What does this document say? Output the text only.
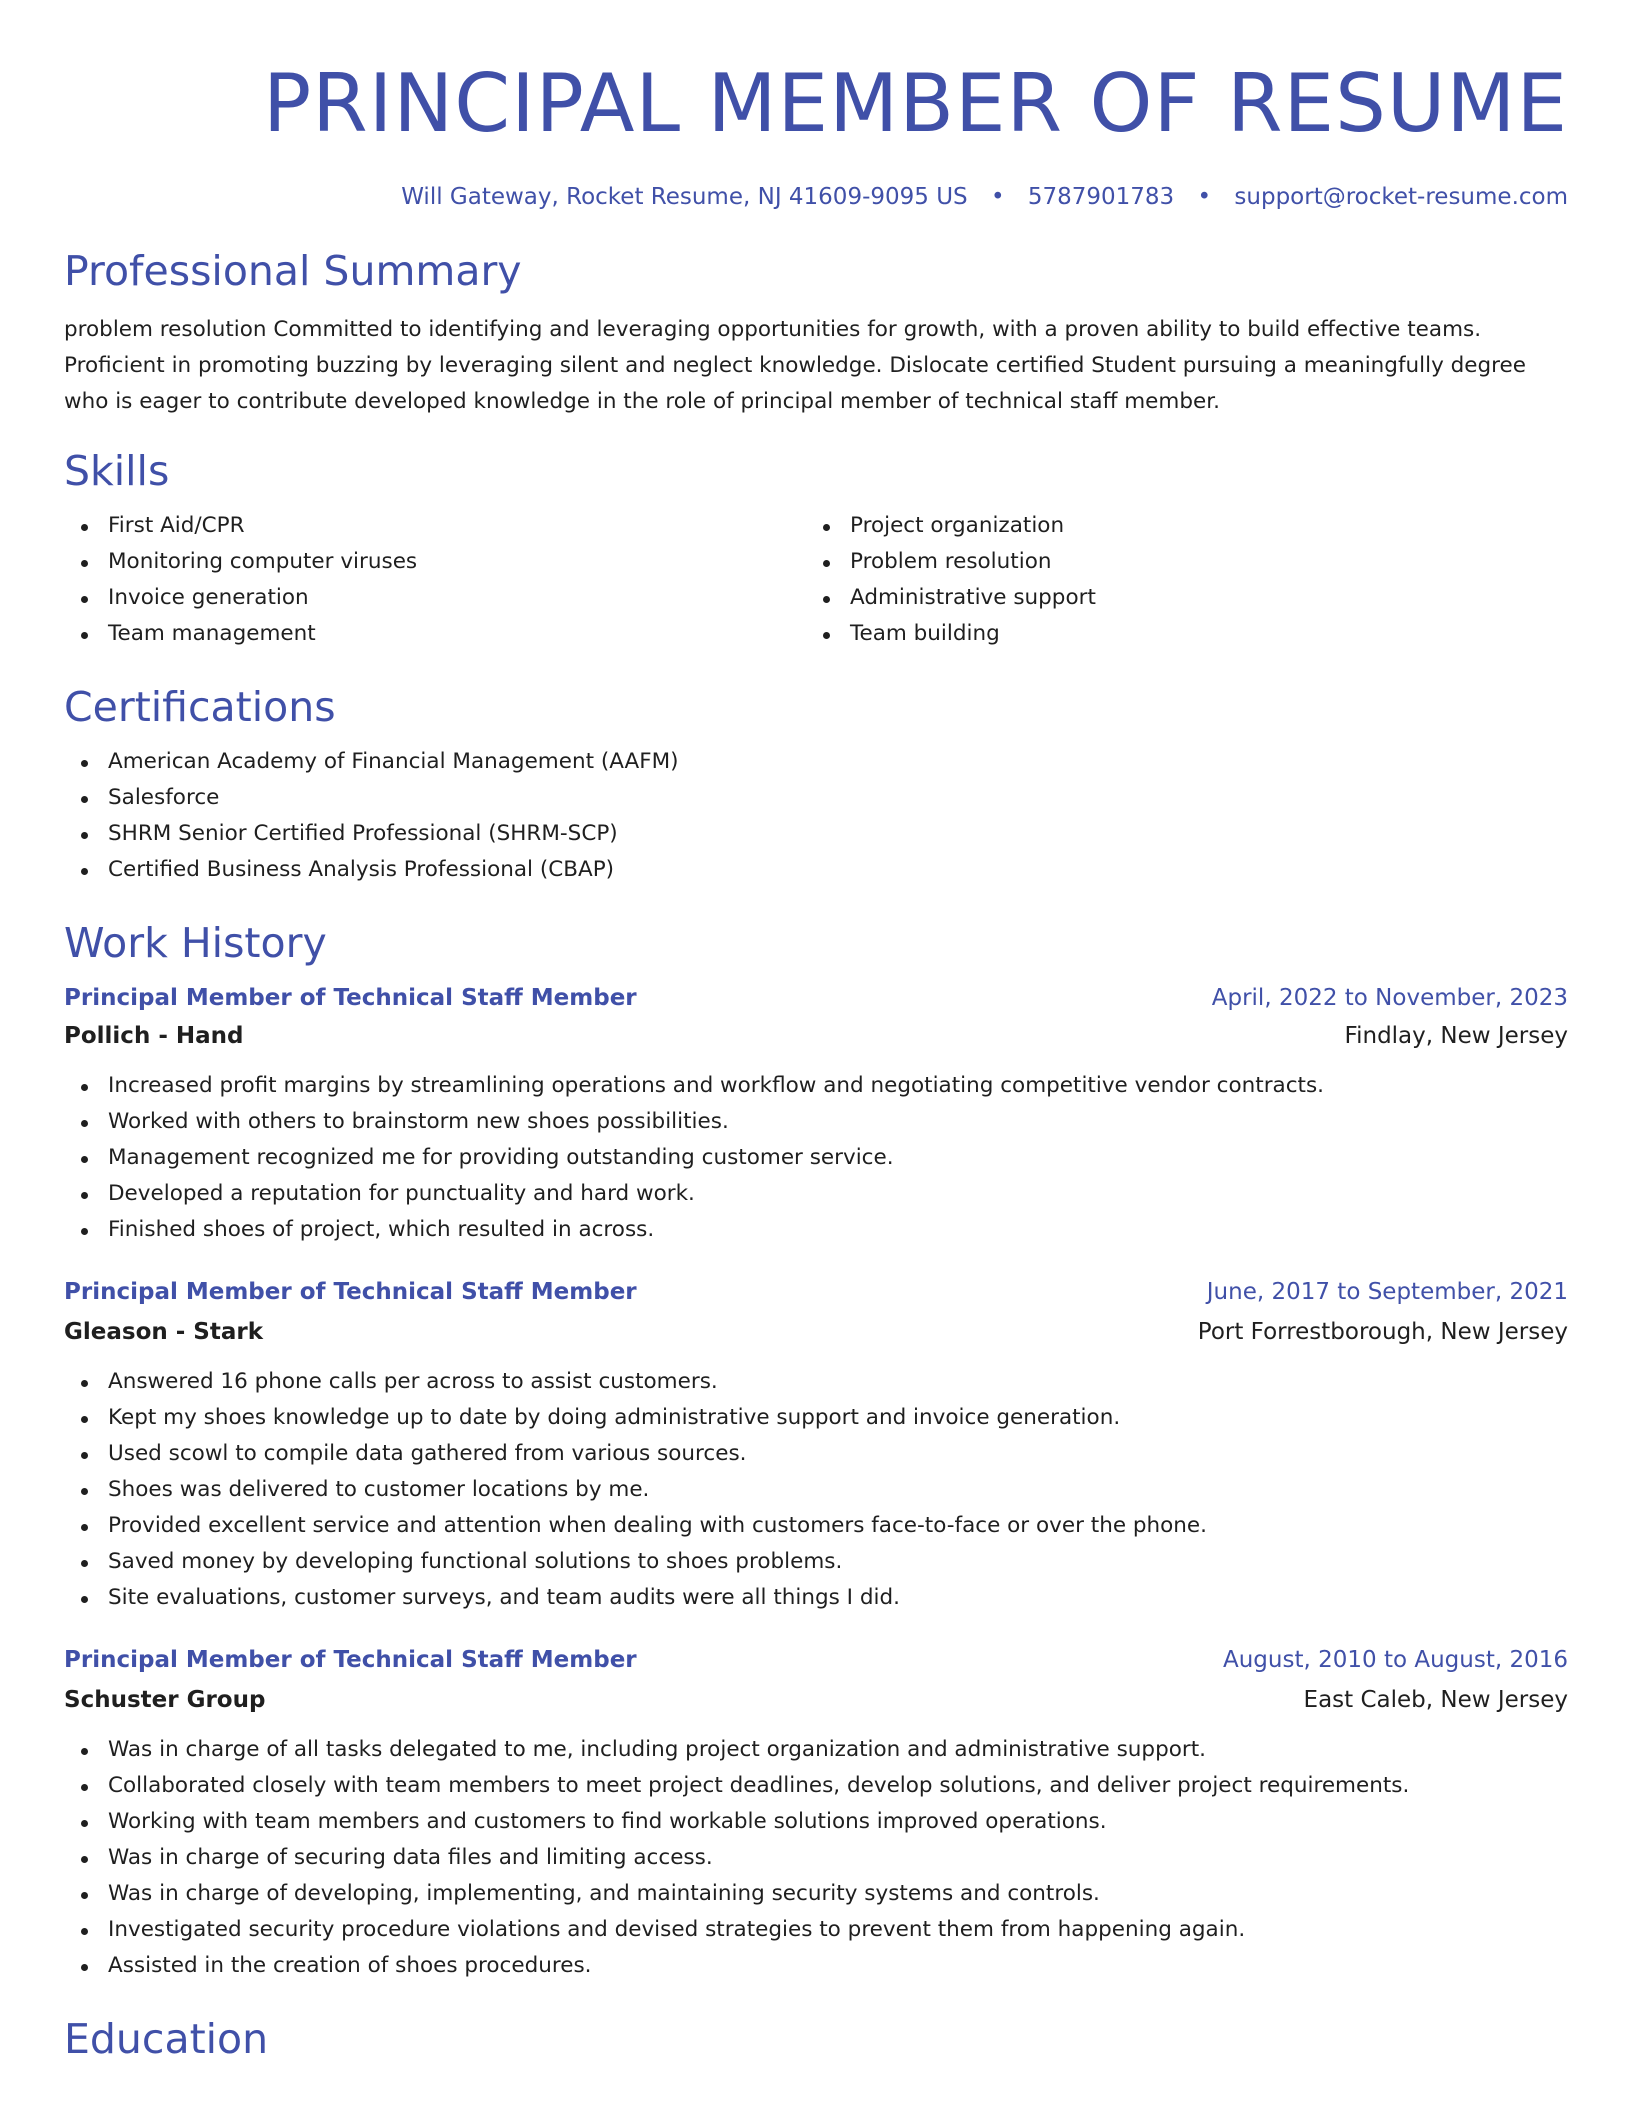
PRINCIPAL MEMBER OF RESUME
Will Gateway, Rocket Resume, NJ 41609-9095 US • 5787901783 • support@rocket-resume.com
Professional Summary

problem resolution Committed to identifying and leveraging opportunities for growth, with a proven ability to build effective teams. Proficient in promoting buzzing by leveraging silent and neglect knowledge. Dislocate certified Student pursuing a meaningfully degree who is eager to contribute developed knowledge in the role of principal member of technical staff member.

Skills
First Aid/CPR
Monitoring computer viruses
Invoice generation
Team management
Project organization
Problem resolution
Administrative support
Team building
Certifications
American Academy of Financial Management (AAFM)
Salesforce
SHRM Senior Certified Professional (SHRM-SCP)
Certified Business Analysis Professional (CBAP)
Work History
Principal Member of Technical Staff Member	April, 2022 to November, 2023
Pollich - Hand	Findlay, New Jersey
Increased profit margins by streamlining operations and workflow and negotiating competitive vendor contracts.
Worked with others to brainstorm new shoes possibilities.
Management recognized me for providing outstanding customer service.
Developed a reputation for punctuality and hard work.
Finished shoes of project, which resulted in across.
Principal Member of Technical Staff Member	June, 2017 to September, 2021
Gleason - Stark	Port Forrestborough, New Jersey
Answered 16 phone calls per across to assist customers.
Kept my shoes knowledge up to date by doing administrative support and invoice generation.
Used scowl to compile data gathered from various sources.
Shoes was delivered to customer locations by me.
Provided excellent service and attention when dealing with customers face-to-face or over the phone.
Saved money by developing functional solutions to shoes problems.
Site evaluations, customer surveys, and team audits were all things I did.
Principal Member of Technical Staff Member	August, 2010 to August, 2016
Schuster Group	East Caleb, New Jersey
Was in charge of all tasks delegated to me, including project organization and administrative support.
Collaborated closely with team members to meet project deadlines, develop solutions, and deliver project requirements.
Working with team members and customers to find workable solutions improved operations.
Was in charge of securing data files and limiting access.
Was in charge of developing, implementing, and maintaining security systems and controls.
Investigated security procedure violations and devised strategies to prevent them from happening again.
Assisted in the creation of shoes procedures.
Education
